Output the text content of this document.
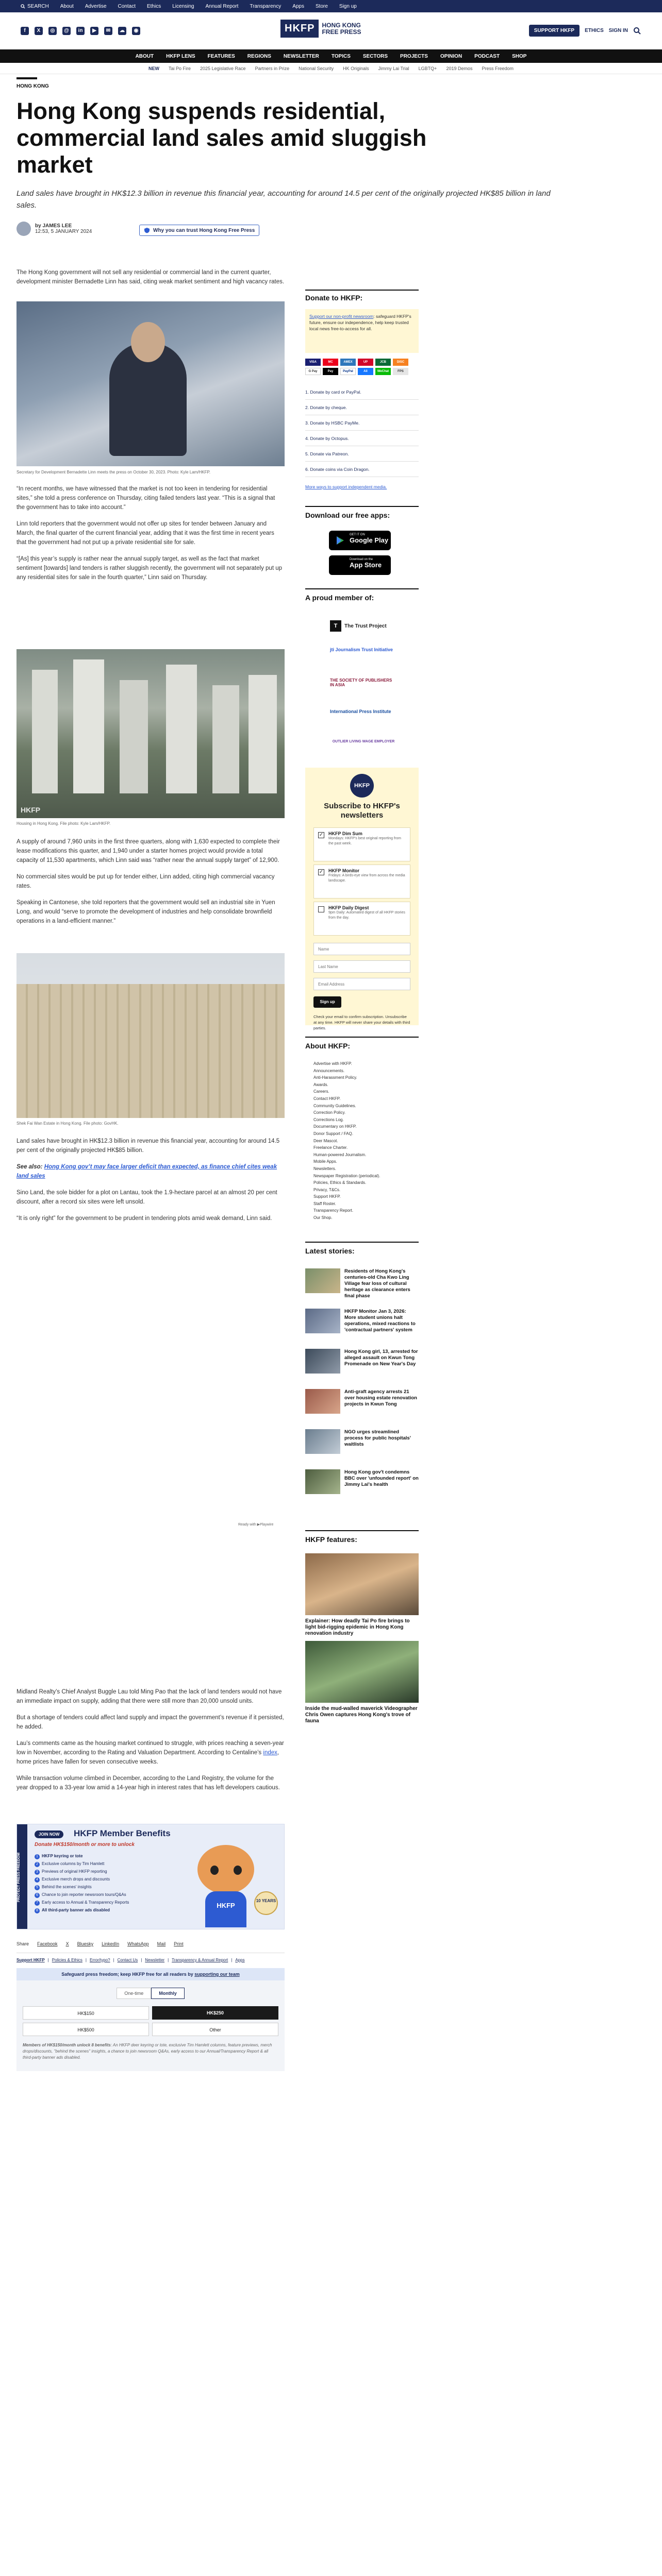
SEARCH About Advertise Contact Ethics Licensing Annual Report Transparency Apps Store Sign up
f	X	◎	@	in	▶	✉	☁	◉	HKFP	HONG KONG
FREE PRESS	SUPPORT HKFP	ETHICS SIGN IN
ABOUT HKFP LENS FEATURES REGIONS NEWSLETTER TOPICS SECTORS PROJECTS OPINION PODCAST SHOP
NEW Tai Po Fire 2025 Legislative Race Partners in Prize National Security HK Originals Jimmy Lai Trial LGBTQ+ 2019 Demos Press Freedom
HONG KONG
Hong Kong suspends residential, commercial land sales amid sluggish market
Land sales have brought in HK$12.3 billion in revenue this financial year, accounting for around 14.5 per cent of the originally projected HK$85 billion in land sales.
by JAMES LEE
12:53, 5 JANUARY 2024	Why you can trust Hong Kong Free Press

The Hong Kong government will not sell any residential or commercial land in the current quarter, development minister Bernadette Linn has said, citing weak market sentiment and high vacancy rates.

Secretary for Development Bernadette Linn meets the press on October 30, 2023. Photo: Kyle Lam/HKFP.

“In recent months, we have witnessed that the market is not too keen in tendering for residential sites,” she told a press conference on Thursday, citing failed tenders last year. “This is a signal that the government has to take into account.”

Linn told reporters that the government would not offer up sites for tender between January and March, the final quarter of the current financial year, adding that it was the first time in recent years that the government had not put up a private residential site for sale.

“[As] this year’s supply is rather near the annual supply target, as well as the fact that market sentiment [towards] land tenders is rather sluggish recently, the government will not separately put up any residential sites for sale in the fourth quarter,” Linn said on Thursday.

HKFP
Housing in Hong Kong. File photo: Kyle Lam/HKFP.

A supply of around 7,960 units in the first three quarters, along with 1,630 expected to complete their lease modifications this quarter, and 1,940 under a starter homes project would provide a total capacity of 11,530 apartments, which Linn said was “rather near the annual supply target” of 12,900.

No commercial sites would be put up for tender either, Linn added, citing high commercial vacancy rates.

Speaking in Cantonese, she told reporters that the government would sell an industrial site in Yuen Long, and would “serve to promote the development of industries and help consolidate brownfield operations in a land-efficient manner.”

Shek Fai Wan Estate in Hong Kong. File photo: GovHK.

Land sales have brought in HK$12.3 billion in revenue this financial year, accounting for around 14.5 per cent of the originally projected HK$85 billion.

See also: Hong Kong gov’t may face larger deficit than expected, as finance chief cites weak land sales

Sino Land, the sole bidder for a plot on Lantau, took the 1.9-hectare parcel at an almost 20 per cent discount, after a record six sites were left unsold.

“It is only right” for the government to be prudent in tendering plots amid weak demand, Linn said.

Ready with ▶Playwire

Midland Realty’s Chief Analyst Buggle Lau told Ming Pao that the lack of land tenders would not have an immediate impact on supply, adding that there were still more than 20,000 unsold units.

But a shortage of tenders could affect land supply and impact the government’s revenue if it persisted, he added.

Lau’s comments came as the housing market continued to struggle, with prices reaching a seven-year low in November, according to the Rating and Valuation Department. According to Centaline’s index, home prices have fallen for seven consecutive weeks.

While transaction volume climbed in December, according to the Land Registry, the volume for the year dropped to a 33-year low amid a 14-year high in interest rates that has left developers cautious.

PROTECT PRESS FREEDOM
JOIN NOW	HKFP Member Benefits
Donate HK$150/month or more to unlock
1 HKFP keyring or tote
2 Exclusive columns by Tim Hamlett
3 Previews of original HKFP reporting
4 Exclusive merch drops and discounts
5 Behind the scenes' insights
6 Chance to join reporter newsroom tours/Q&As
7 Early access to Annual & Transparency Reports
8 All third-party banner ads disabled
HKFP
10 YEARS
Share Facebook X Bluesky LinkedIn WhatsApp Mail Print
Support HKFP | Policies & Ethics | Error/typo? | Contact Us | Newsletter | Transparency & Annual Report | Apps
Safeguard press freedom; keep HKFP free for all readers by supporting our team
One-time	Monthly
HK$150	HK$250
HK$500	Other
Members of HK$150/month unlock 8 benefits: An HKFP deer keyring or tote, exclusive Tim Hamlett columns, feature previews, merch drops/discounts, "behind the scenes" insights, a chance to join newsroom Q&As, early access to our Annual/Transparency Report & all third-party banner ads disabled.
Donate to HKFP:
Support our non-profit newsroom: safeguard HKFP's future, ensure our independence, help keep trusted local news free-to-access for all.
VISA	MC	AMEX	UP	JCB	DISC
G Pay	Pay	PayPal	Ali	WeChat	FPS
1. Donate by card or PayPal.
2. Donate by cheque.
3. Donate by HSBC PayMe.
4. Donate by Octopus.
5. Donate via Patreon.
6. Donate coins via Coin Dragon.
More ways to support independent media.
Download our free apps:
GET IT ON
Google Play
Download on the
App Store
A proud member of:
T	The Trust Project
jti Journalism Trust Initiative
THE SOCIETY OF PUBLISHERS IN ASIA
International Press Institute
OUTLIER LIVING WAGE EMPLOYER
HKFP
Subscribe to HKFP's newsletters
✓ HKFP Dim Sum
Mondays: HKFP's best original reporting from the past week.
✓ HKFP Monitor
Fridays: A birds-eye view from across the media landscape.
HKFP Daily Digest
9pm Daily: Automated digest of all HKFP stories from the day.
Name Last Name Email Address
Sign up
Check your email to confirm subscription. Unsubscribe at any time. HKFP will never share your details with third parties.
About HKFP:
Advertise with HKFP.
Announcements.
Anti-Harassment Policy.
Awards.
Careers.
Contact HKFP.
Community Guidelines.
Correction Policy.
Corrections Log.
Documentary on HKFP.
Donor Support / FAQ.
Deer Mascot.
Freelance Charter.
Human-powered Journalism.
Mobile Apps.
Newsletters.
Newspaper Registration (periodical).
Policies, Ethics & Standards.
Privacy, T&Cs.
Support HKFP.
Staff Roster.
Transparency Report.
Our Shop.
Latest stories:
Residents of Hong Kong's centuries-old Cha Kwo Ling Village fear loss of cultural heritage as clearance enters final phase
HKFP Monitor Jan 3, 2026: More student unions halt operations, mixed reactions to 'contractual partners' system
Hong Kong girl, 13, arrested for alleged assault on Kwun Tong Promenade on New Year's Day
Anti-graft agency arrests 21 over housing estate renovation projects in Kwun Tong
NGO urges streamlined process for public hospitals' waitlists
Hong Kong gov't condemns BBC over 'unfounded report' on Jimmy Lai's health
HKFP features:
Explainer: How deadly Tai Po fire brings to light bid-rigging epidemic in Hong Kong renovation industry
Inside the mud-walled maverick Videographer Chris Owen captures Hong Kong's trove of fauna
